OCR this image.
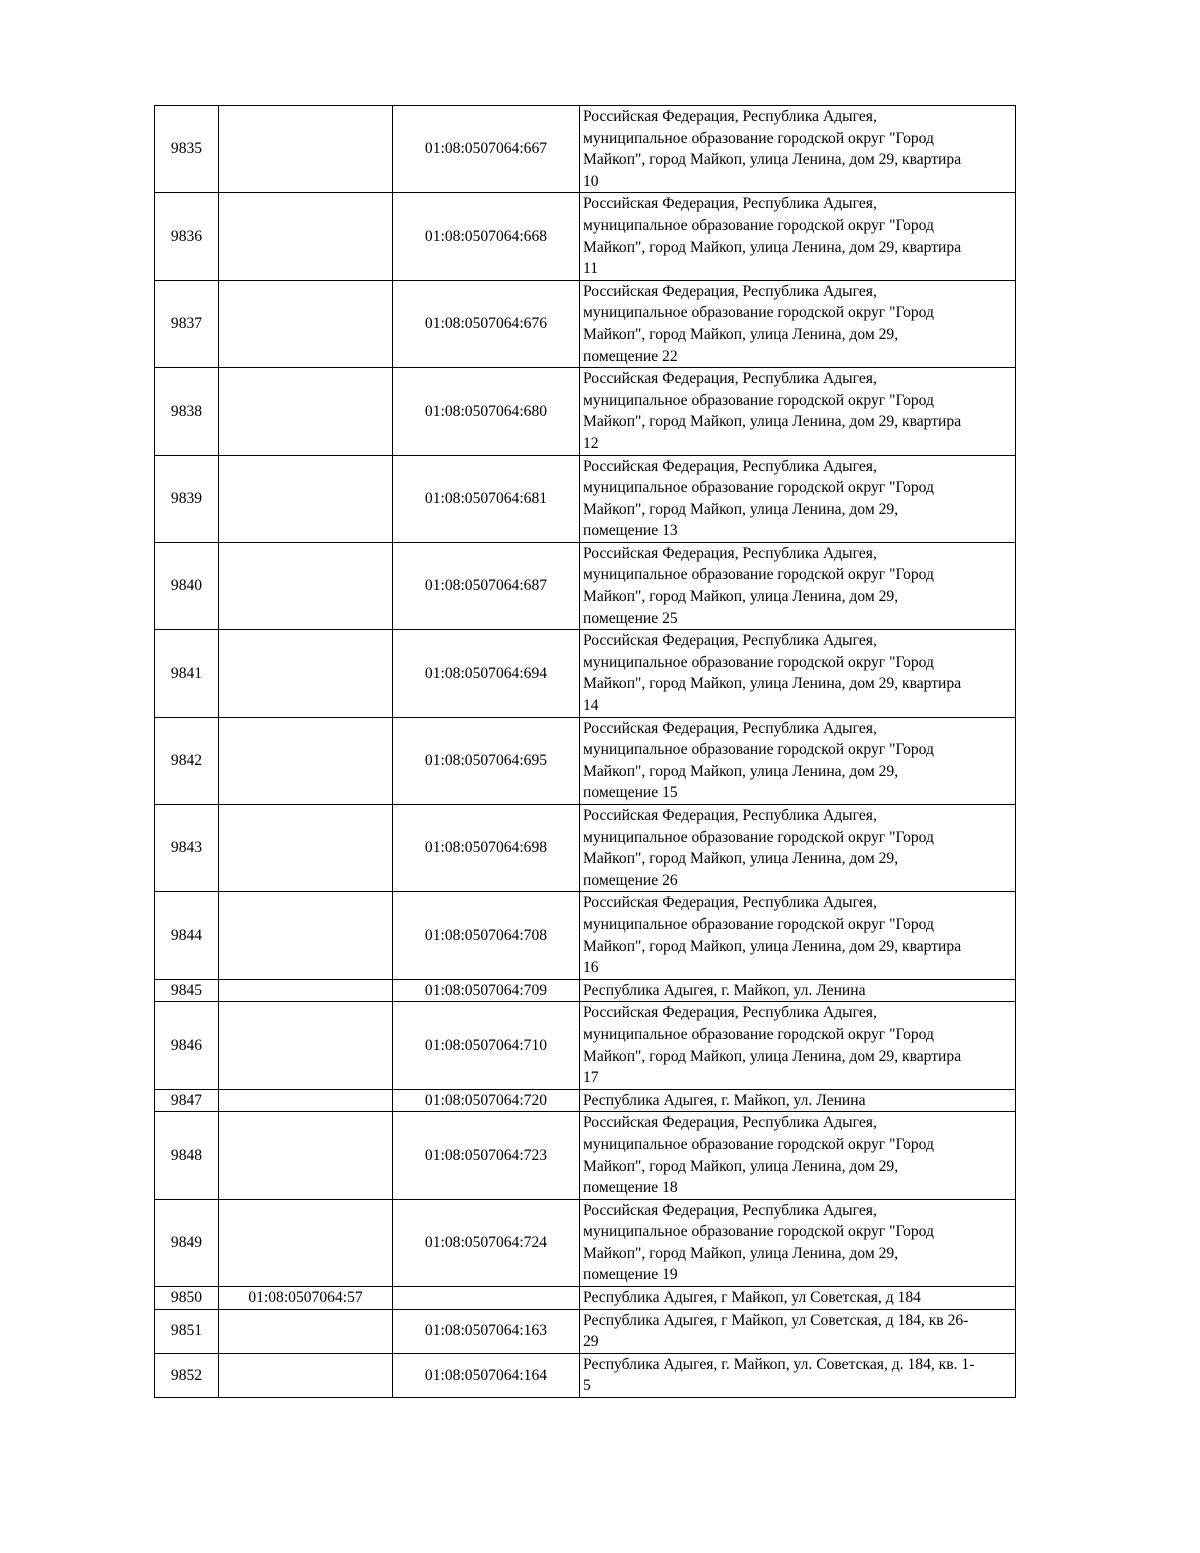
9835		01:08:0507064:667	Российская Федерация, Республика Адыгея,
муниципальное образование городской округ "Город
Майкоп", город Майкоп, улица Ленина, дом 29, квартира
10
9836		01:08:0507064:668	Российская Федерация, Республика Адыгея,
муниципальное образование городской округ "Город
Майкоп", город Майкоп, улица Ленина, дом 29, квартира
11
9837		01:08:0507064:676	Российская Федерация, Республика Адыгея,
муниципальное образование городской округ "Город
Майкоп", город Майкоп, улица Ленина, дом 29,
помещение 22
9838		01:08:0507064:680	Российская Федерация, Республика Адыгея,
муниципальное образование городской округ "Город
Майкоп", город Майкоп, улица Ленина, дом 29, квартира
12
9839		01:08:0507064:681	Российская Федерация, Республика Адыгея,
муниципальное образование городской округ "Город
Майкоп", город Майкоп, улица Ленина, дом 29,
помещение 13
9840		01:08:0507064:687	Российская Федерация, Республика Адыгея,
муниципальное образование городской округ "Город
Майкоп", город Майкоп, улица Ленина, дом 29,
помещение 25
9841		01:08:0507064:694	Российская Федерация, Республика Адыгея,
муниципальное образование городской округ "Город
Майкоп", город Майкоп, улица Ленина, дом 29, квартира
14
9842		01:08:0507064:695	Российская Федерация, Республика Адыгея,
муниципальное образование городской округ "Город
Майкоп", город Майкоп, улица Ленина, дом 29,
помещение 15
9843		01:08:0507064:698	Российская Федерация, Республика Адыгея,
муниципальное образование городской округ "Город
Майкоп", город Майкоп, улица Ленина, дом 29,
помещение 26
9844		01:08:0507064:708	Российская Федерация, Республика Адыгея,
муниципальное образование городской округ "Город
Майкоп", город Майкоп, улица Ленина, дом 29, квартира
16
9845		01:08:0507064:709	Республика Адыгея, г. Майкоп, ул. Ленина
9846		01:08:0507064:710	Российская Федерация, Республика Адыгея,
муниципальное образование городской округ "Город
Майкоп", город Майкоп, улица Ленина, дом 29, квартира
17
9847		01:08:0507064:720	Республика Адыгея, г. Майкоп, ул. Ленина
9848		01:08:0507064:723	Российская Федерация, Республика Адыгея,
муниципальное образование городской округ "Город
Майкоп", город Майкоп, улица Ленина, дом 29,
помещение 18
9849		01:08:0507064:724	Российская Федерация, Республика Адыгея,
муниципальное образование городской округ "Город
Майкоп", город Майкоп, улица Ленина, дом 29,
помещение 19
9850	01:08:0507064:57		Республика Адыгея, г Майкоп, ул Советская, д 184
9851		01:08:0507064:163	Республика Адыгея, г Майкоп, ул Советская, д 184, кв 26-
29
9852		01:08:0507064:164	Республика Адыгея, г. Майкоп, ул. Советская, д. 184, кв. 1-
5
